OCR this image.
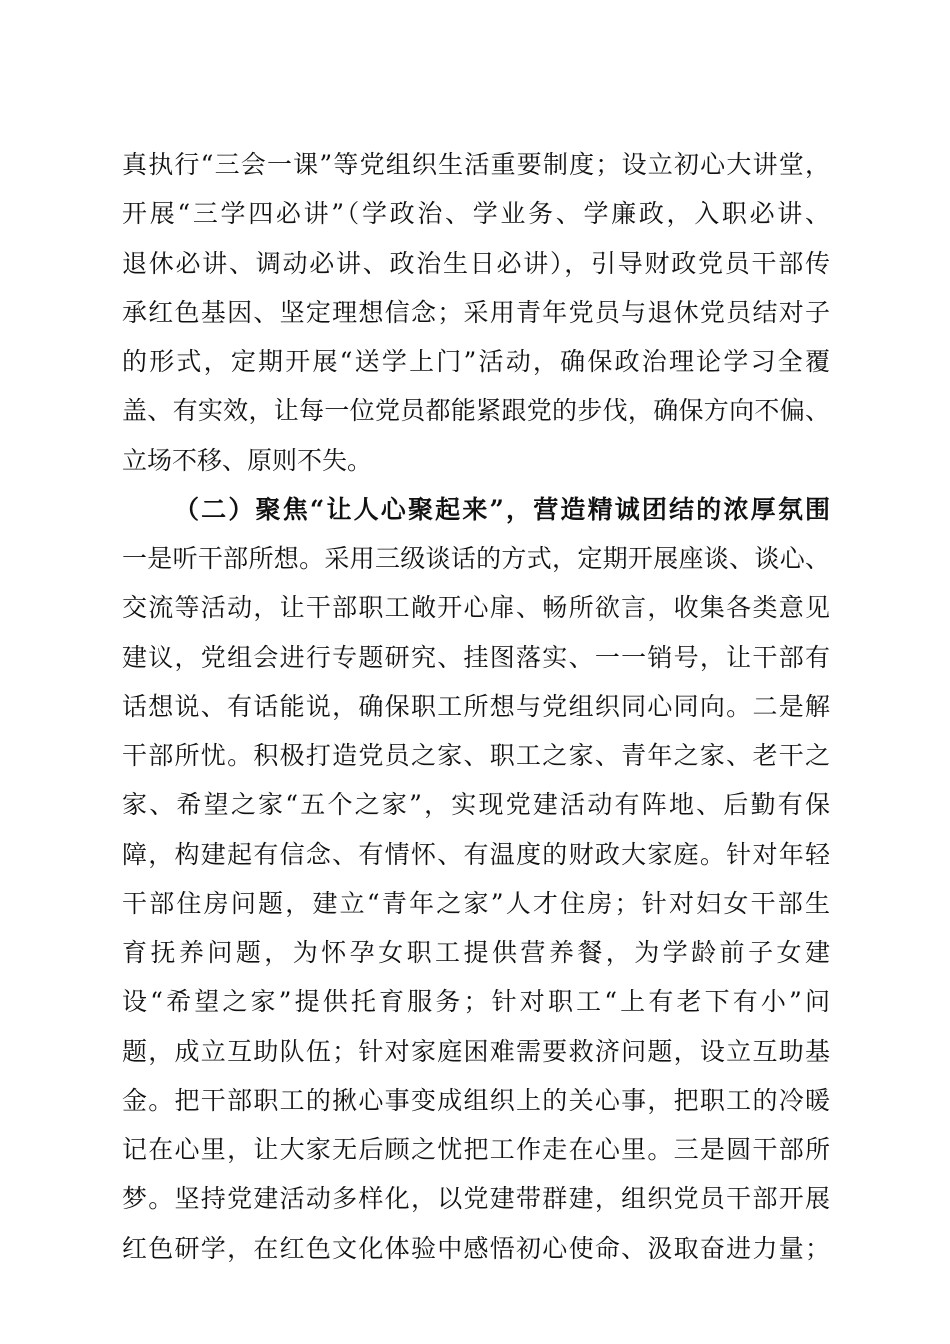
真执行“三会一课”等党组织生活重要制度；设立初心大讲堂，
开展“三学四必讲”（学政治、学业务、学廉政，入职必讲、
退休必讲、调动必讲、政治生日必讲），引导财政党员干部传
承红色基因、坚定理想信念；采用青年党员与退休党员结对子
的形式，定期开展“送学上门”活动，确保政治理论学习全覆
盖、有实效，让每一位党员都能紧跟党的步伐，确保方向不偏、
立场不移、原则不失。
（二）聚焦“让人心聚起来”，营造精诚团结的浓厚氛围
一是听干部所想。采用三级谈话的方式，定期开展座谈、谈心、
交流等活动，让干部职工敞开心扉、畅所欲言，收集各类意见
建议，党组会进行专题研究、挂图落实、一一销号，让干部有
话想说、有话能说，确保职工所想与党组织同心同向。二是解
干部所忧。积极打造党员之家、职工之家、青年之家、老干之
家、希望之家“五个之家”，实现党建活动有阵地、后勤有保
障，构建起有信念、有情怀、有温度的财政大家庭。针对年轻
干部住房问题，建立“青年之家”人才住房；针对妇女干部生
育抚养问题，为怀孕女职工提供营养餐，为学龄前子女建
设“希望之家”提供托育服务；针对职工“上有老下有小”问
题，成立互助队伍；针对家庭困难需要救济问题，设立互助基
金。把干部职工的揪心事变成组织上的关心事，把职工的冷暖
记在心里，让大家无后顾之忧把工作走在心里。三是圆干部所
梦。坚持党建活动多样化，以党建带群建，组织党员干部开展
红色研学，在红色文化体验中感悟初心使命、汲取奋进力量；
